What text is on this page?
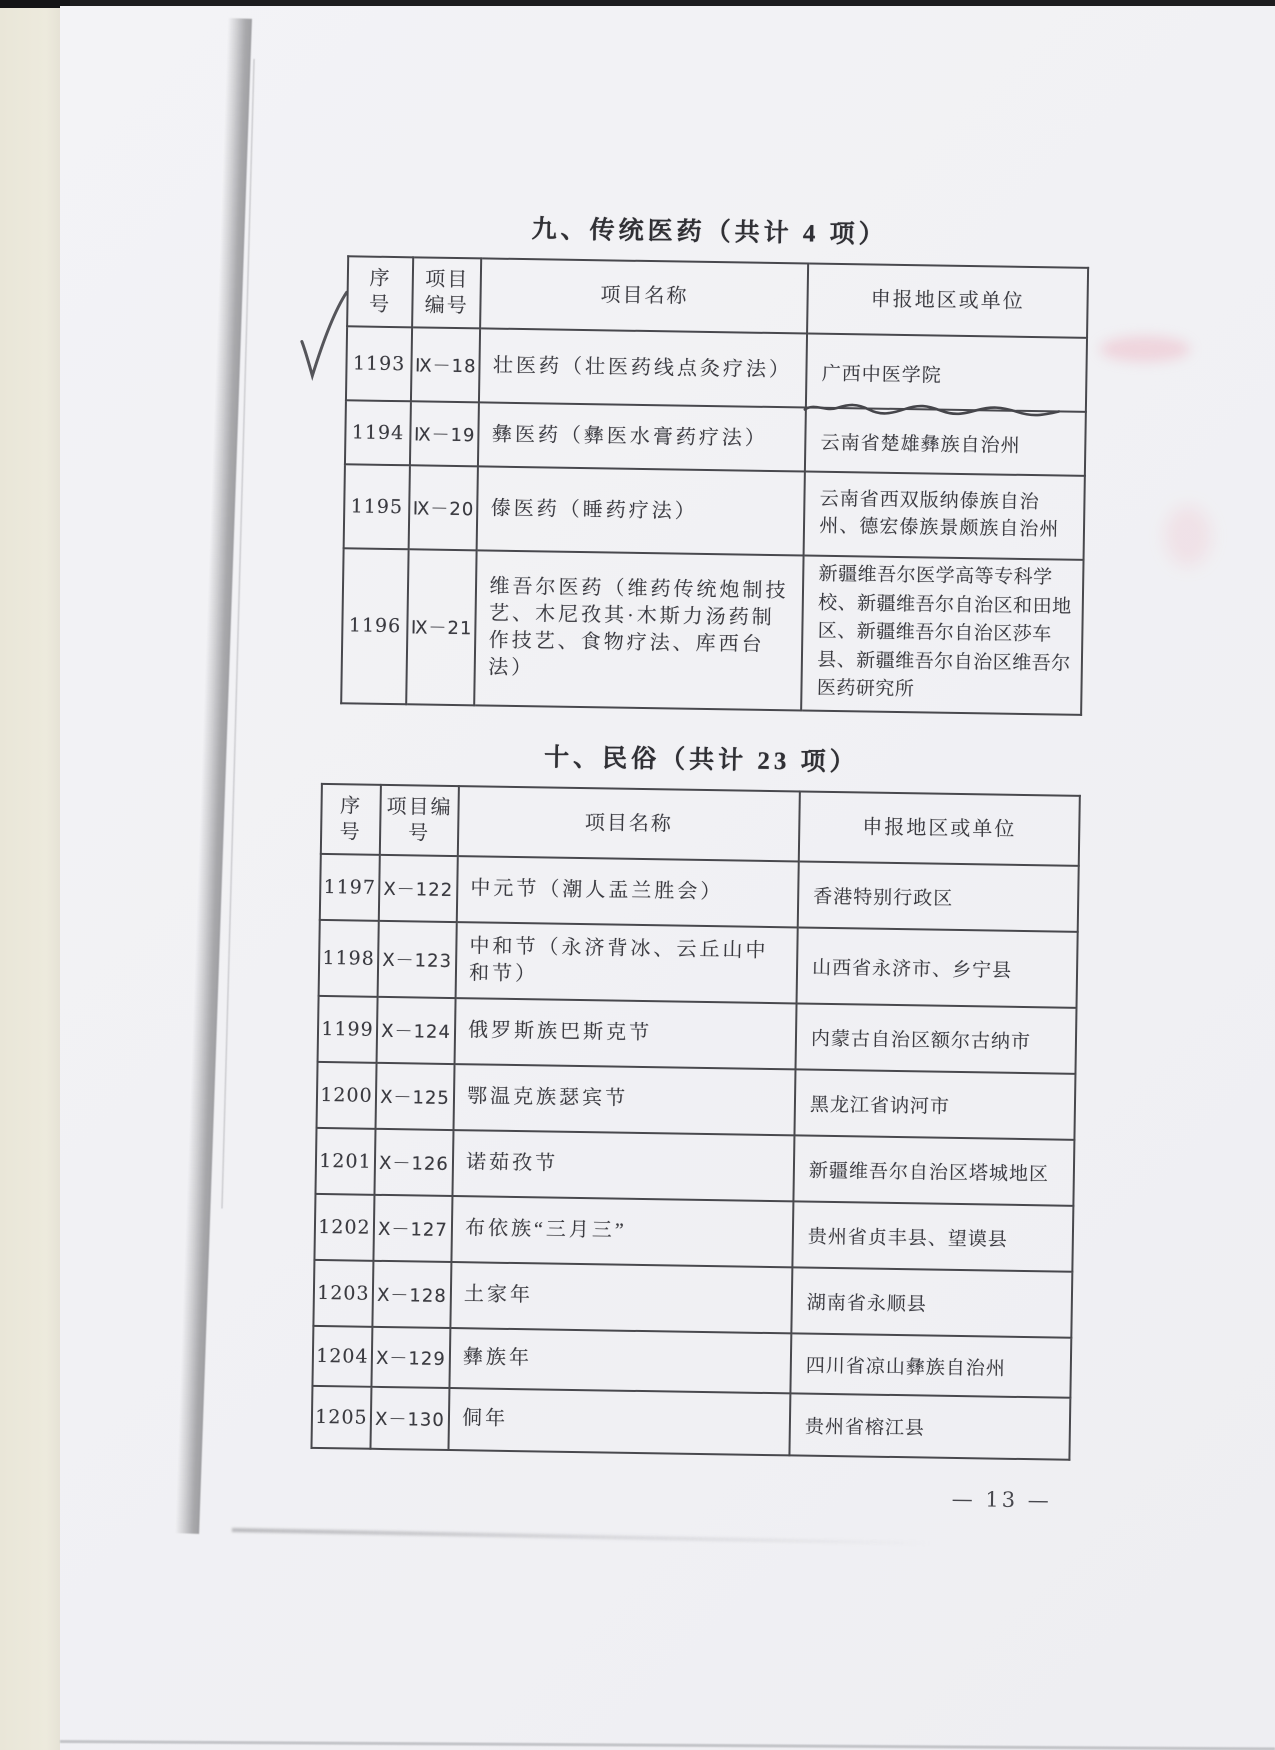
九、传统医药（共计 4 项）
序　号	项目编号	项目名称	申报地区或单位
1193	Ⅸ－18	壮医药（壮医药线点灸疗法）	广西中医学院

1194	Ⅸ－19	彝医药（彝医水膏药疗法）	云南省楚雄彝族自治州
1195	Ⅸ－20	傣医药（睡药疗法）	云南省西双版纳傣族自治州、德宏傣族景颇族自治州
1196	Ⅸ－21	维吾尔医药（维药传统炮制技艺、木尼孜其·木斯力汤药制作技艺、食物疗法、库西台法）	新疆维吾尔医学高等专科学校、新疆维吾尔自治区和田地区、新疆维吾尔自治区莎车县、新疆维吾尔自治区维吾尔医药研究所
十、民俗（共计 23 项）
序　号	项目编号	项目名称	申报地区或单位
1197	Ⅹ－122	中元节（潮人盂兰胜会）	香港特别行政区
1198	Ⅹ－123	中和节（永济背冰、云丘山中和节）	山西省永济市、乡宁县
1199	Ⅹ－124	俄罗斯族巴斯克节	内蒙古自治区额尔古纳市
1200	Ⅹ－125	鄂温克族瑟宾节	黑龙江省讷河市
1201	Ⅹ－126	诺茹孜节	新疆维吾尔自治区塔城地区
1202	Ⅹ－127	布依族“三月三”	贵州省贞丰县、望谟县
1203	Ⅹ－128	土家年	湖南省永顺县
1204	Ⅹ－129	彝族年	四川省凉山彝族自治州
1205	Ⅹ－130	侗年	贵州省榕江县
— 13 —
